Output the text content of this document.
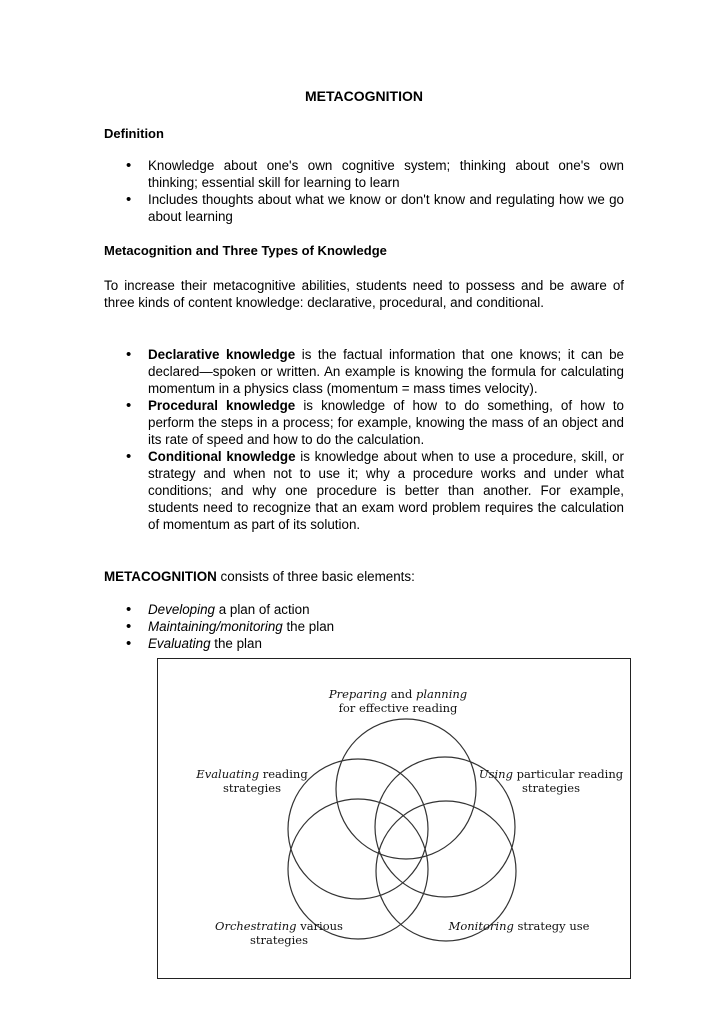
METACOGNITION
Definition
• Knowledge about one's own cognitive system; thinking about one's own thinking; essential skill for learning to learn
• Includes thoughts about what we know or don't know and regulating how we go about learning
Metacognition and Three Types of Knowledge
To increase their metacognitive abilities, students need to possess and be aware of three kinds of content knowledge: declarative, procedural, and conditional.
• Declarative knowledge is the factual information that one knows; it can be declared—spoken or written. An example is knowing the formula for calculating momentum in a physics class (momentum = mass times velocity).
• Procedural knowledge is knowledge of how to do something, of how to perform the steps in a process; for example, knowing the mass of an object and its rate of speed and how to do the calculation.
• Conditional knowledge is knowledge about when to use a procedure, skill, or strategy and when not to use it; why a procedure works and under what conditions; and why one procedure is better than another. For example, students need to recognize that an exam word problem requires the calculation of momentum as part of its solution.
METACOGNITION consists of three basic elements:
• Developing a plan of action
• Maintaining/monitoring the plan
• Evaluating the plan
Preparing and planning
for effective reading
Evaluating reading
strategies
Using particular reading
strategies
Orchestrating various
strategies
Monitoring strategy use
